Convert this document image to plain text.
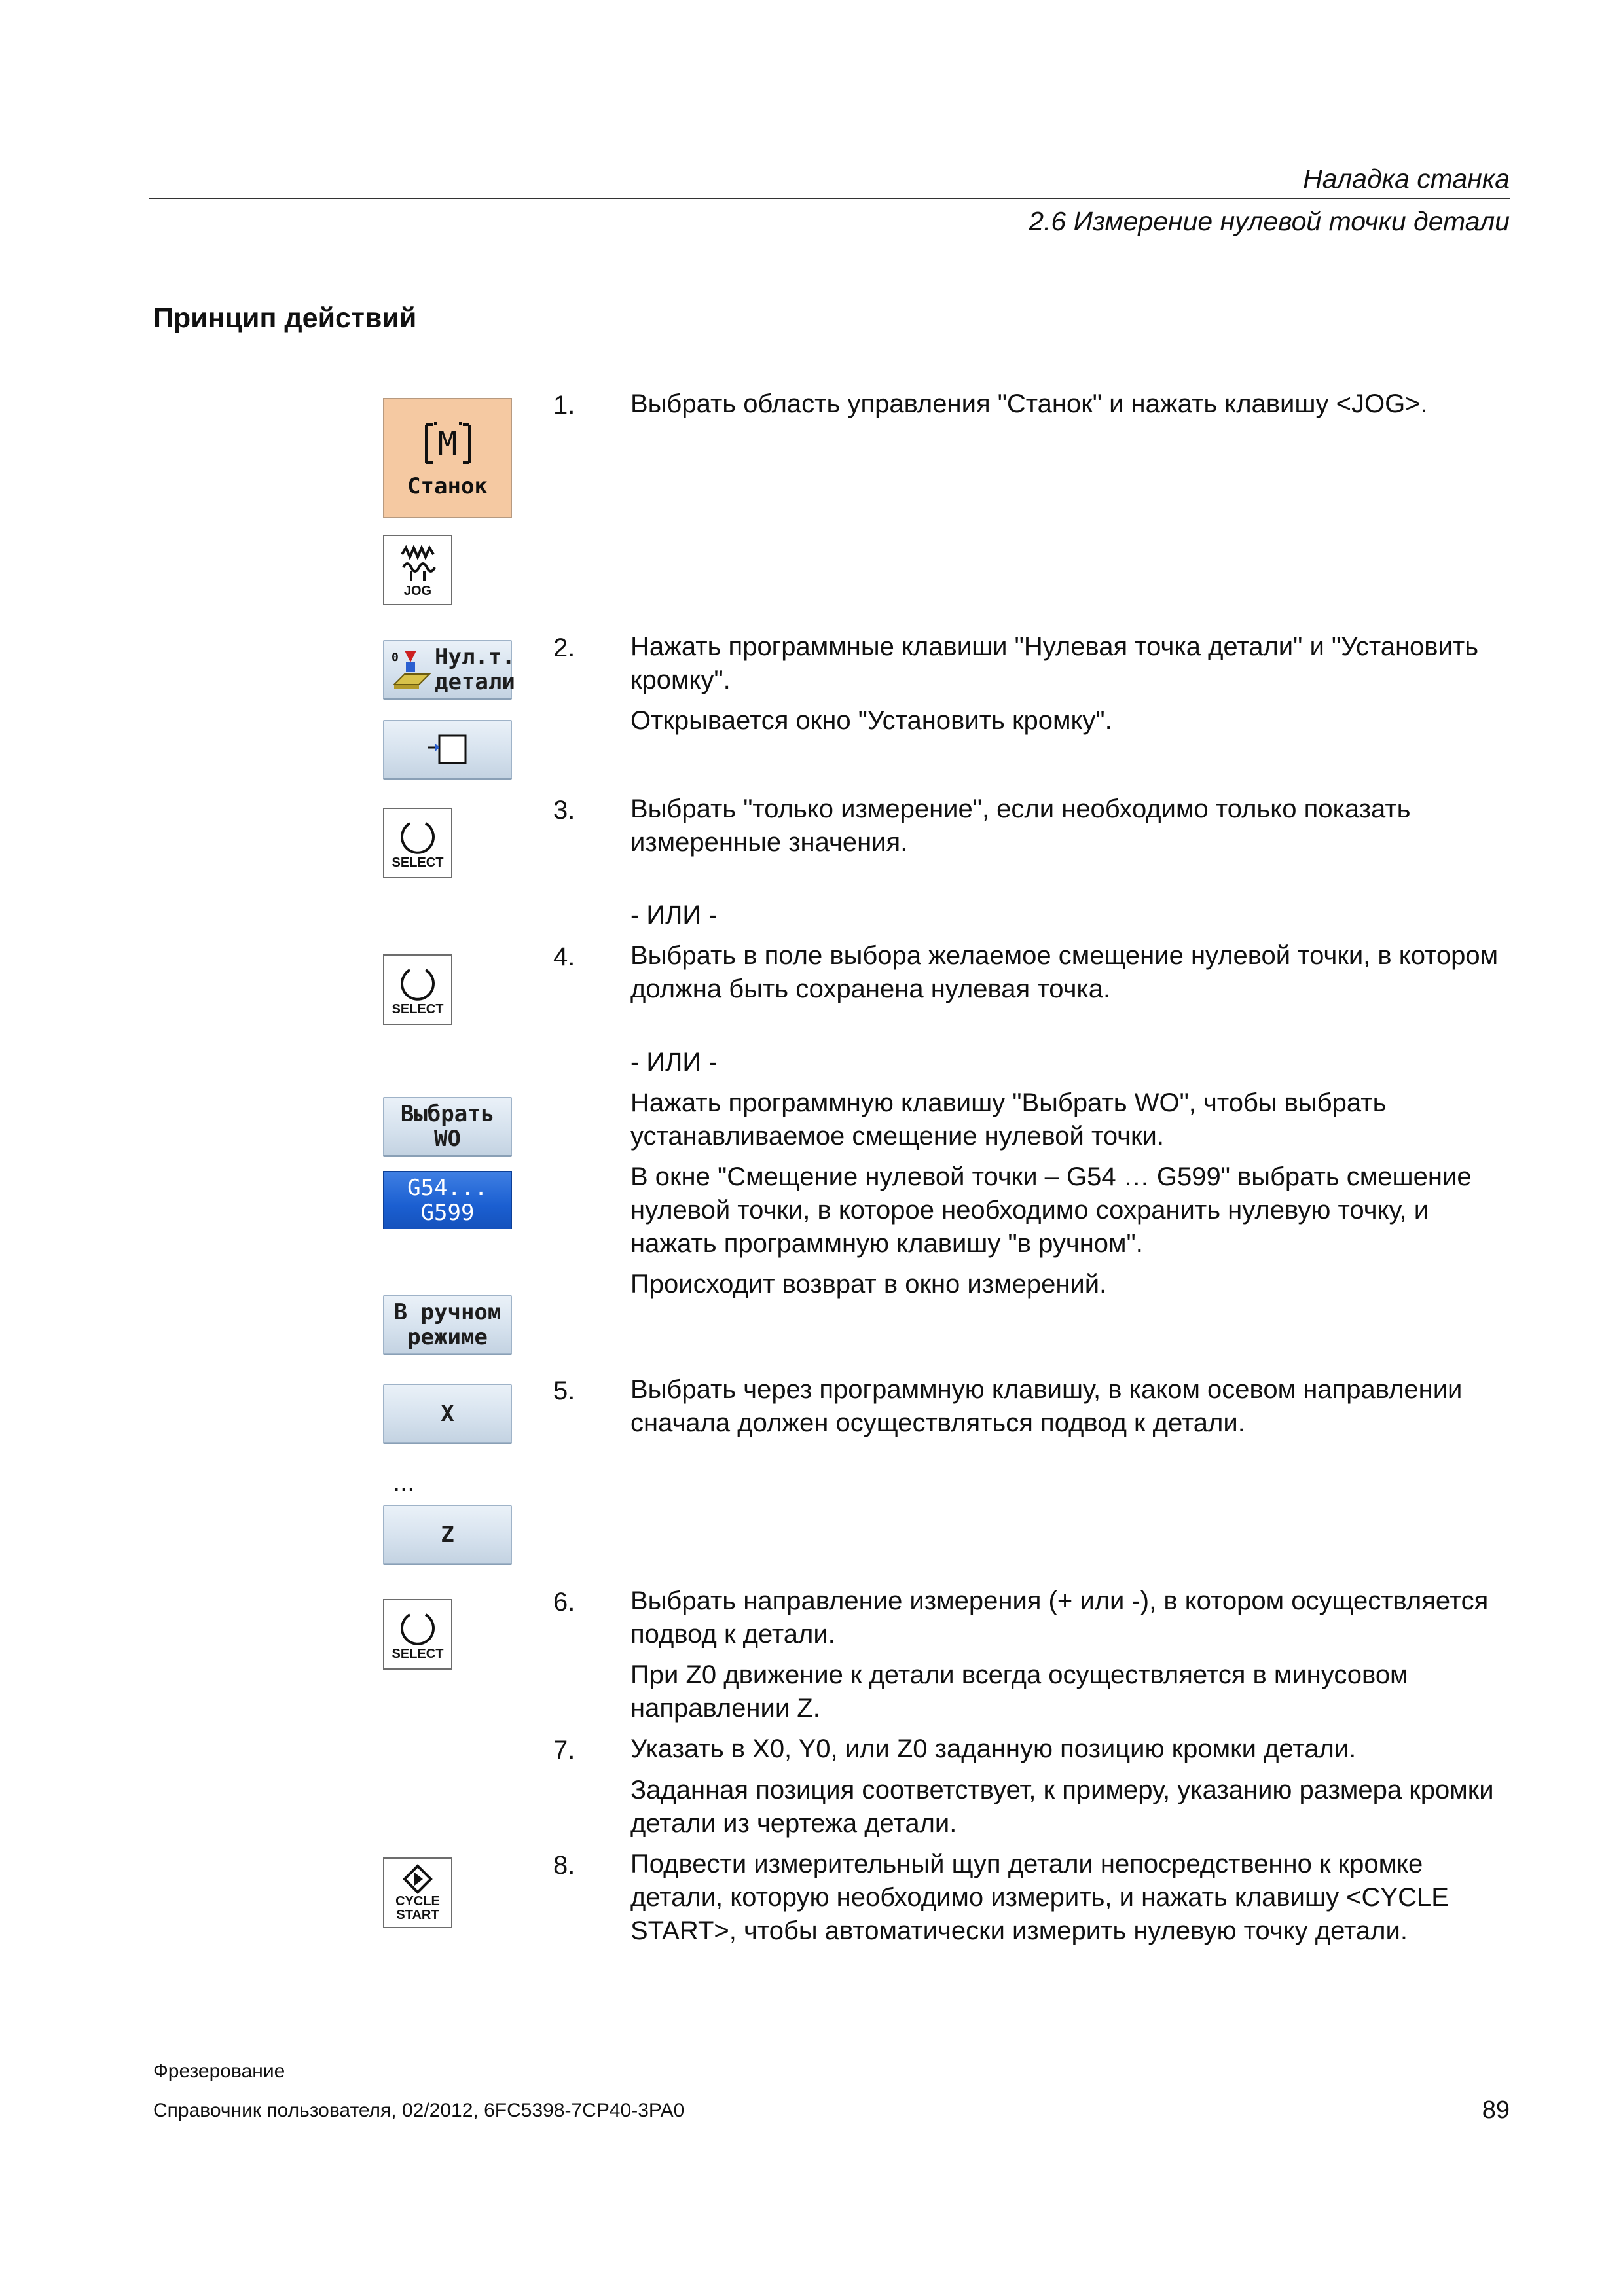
Наладка станка
2.6 Измерение нулевой точки детали
Принцип действий
M
Станок
JOG
0 Нул.т.
детали
SELECT
SELECT
Выбрать
WO
G54...
G599
В ручном
режиме
X
...
Z
SELECT
CYCLE
START
1. Выбрать область управления "Станок" и нажать клавишу <JOG>.
2. Нажать программные клавиши "Нулевая точка детали" и "Установить кромку".
Открывается окно "Установить кромку".
3. Выбрать "только измерение", если необходимо только показать измеренные значения.
- ИЛИ -
4. Выбрать в поле выбора желаемое смещение нулевой точки, в котором должна быть сохранена нулевая точка.
- ИЛИ -
Нажать программную клавишу "Выбрать WO", чтобы выбрать устанавливаемое смещение нулевой точки.
В окне "Смещение нулевой точки – G54 … G599" выбрать смешение нулевой точки, в которое необходимо сохранить нулевую точку, и нажать программную клавишу "в ручном".
Происходит возврат в окно измерений.
5. Выбрать через программную клавишу, в каком осевом направлении сначала должен осуществляться подвод к детали.
6. Выбрать направление измерения (+ или -), в котором осуществляется подвод к детали.
При Z0 движение к детали всегда осуществляется в минусовом направлении Z.
7. Указать в X0, Y0, или Z0 заданную позицию кромки детали.
Заданная позиция соответствует, к примеру, указанию размера кромки детали из чертежа детали.
8. Подвести измерительный щуп детали непосредственно к кромке детали, которую необходимо измерить, и нажать клавишу <CYCLE START>, чтобы автоматически измерить нулевую точку детали.
Фрезерование
Справочник пользователя, 02/2012, 6FC5398-7CP40-3PA0	89
